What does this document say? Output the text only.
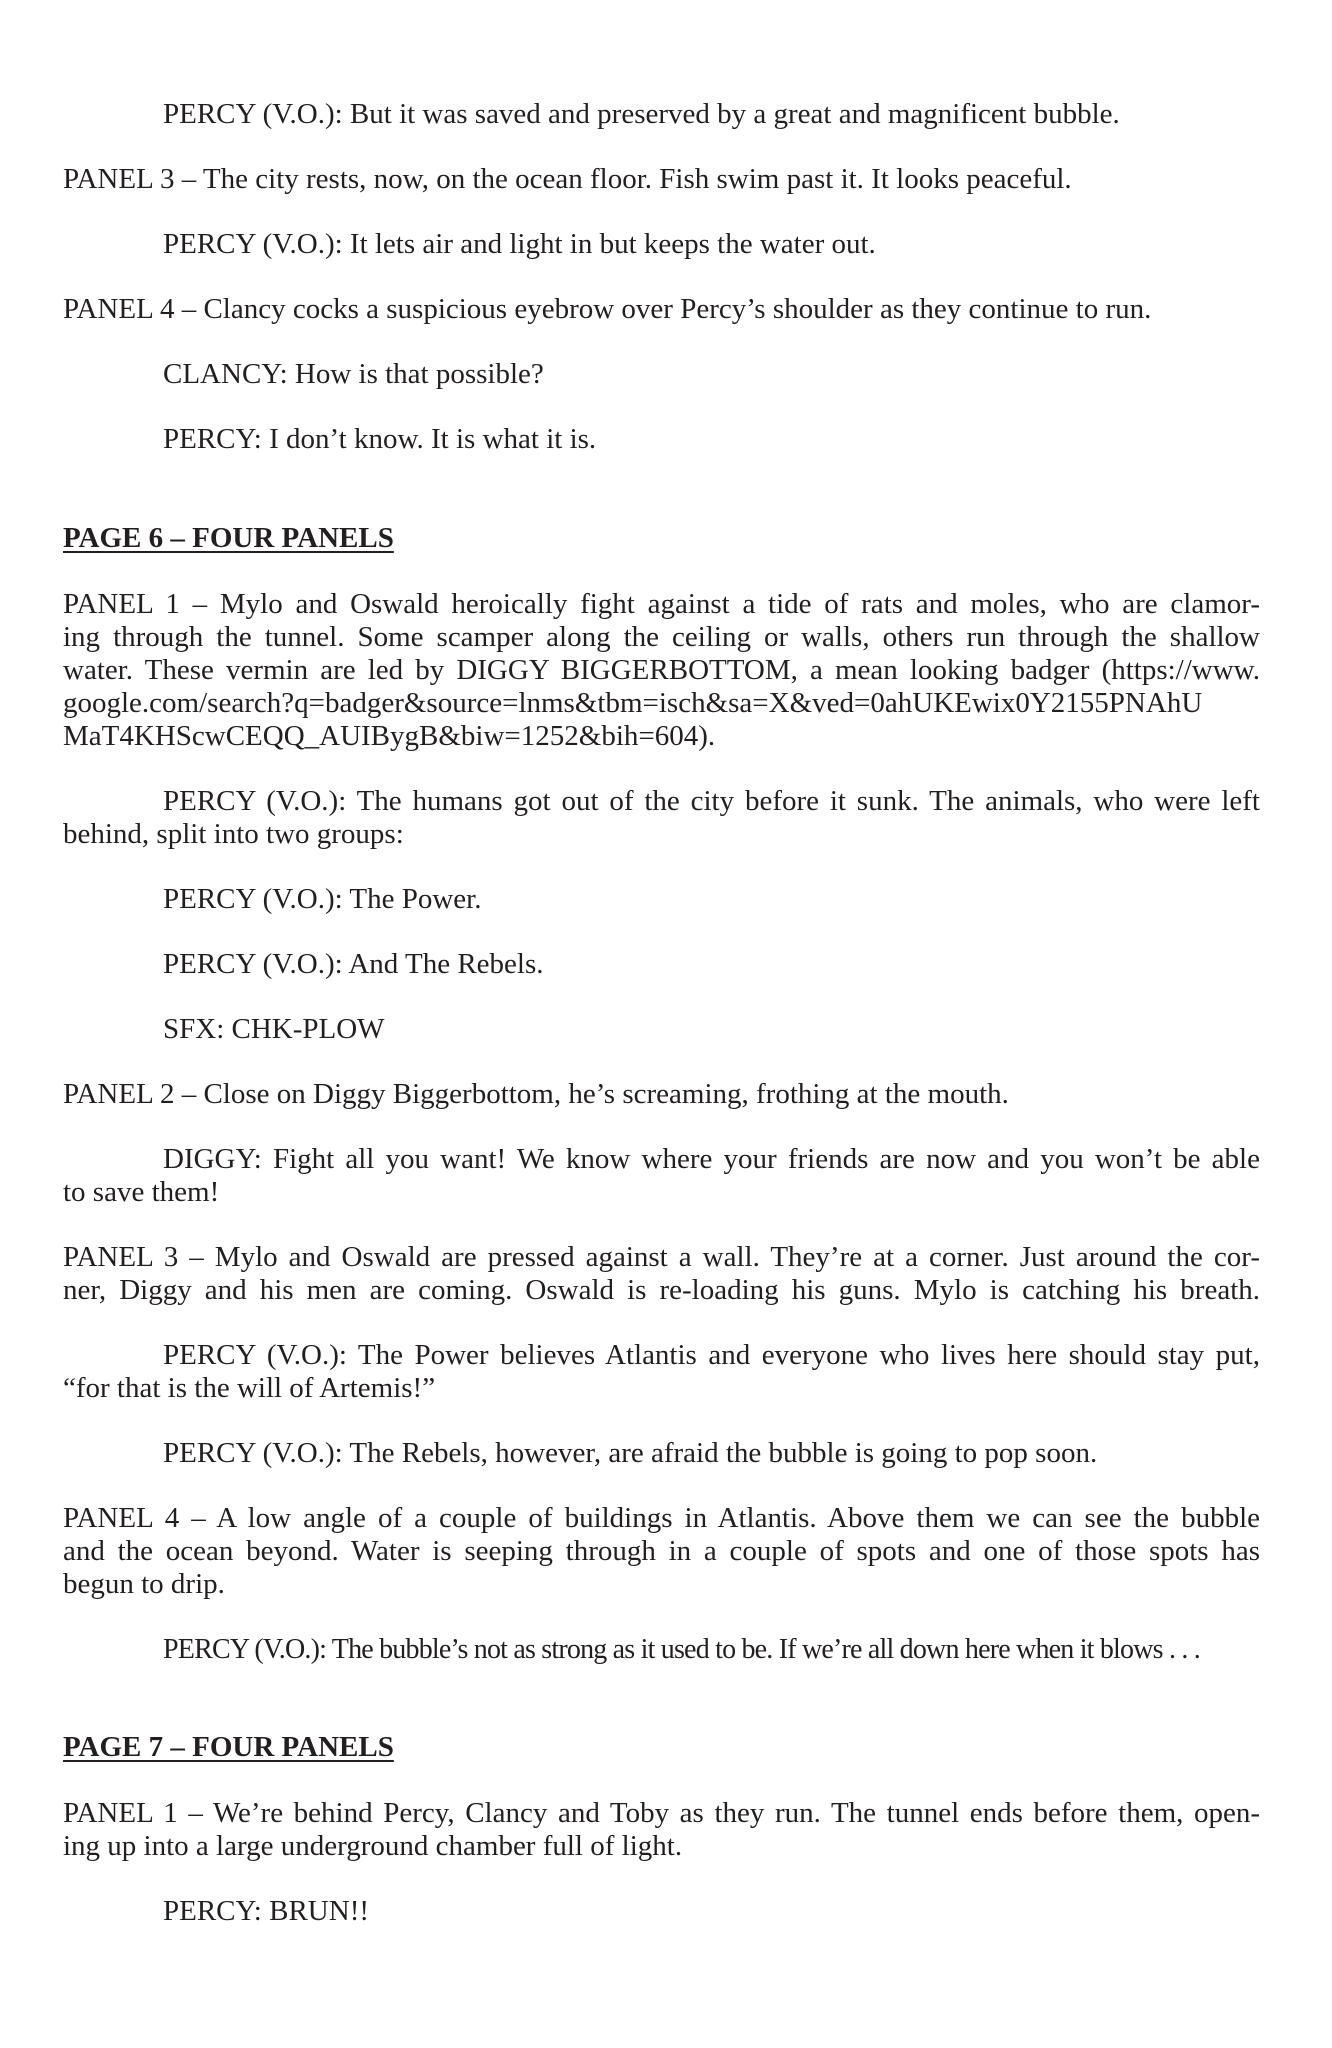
PERCY (V.O.): But it was saved and preserved by a great and magnificent bubble.
PANEL 3 – The city rests, now, on the ocean floor. Fish swim past it. It looks peaceful.
PERCY (V.O.): It lets air and light in but keeps the water out.
PANEL 4 – Clancy cocks a suspicious eyebrow over Percy’s shoulder as they continue to run.
CLANCY: How is that possible?
PERCY: I don’t know. It is what it is.
PAGE 6 – FOUR PANELS
PANEL 1 – Mylo and Oswald heroically fight against a tide of rats and moles, who are clamor-
ing through the tunnel. Some scamper along the ceiling or walls, others run through the shallow
water. These vermin are led by DIGGY BIGGERBOTTOM, a mean looking badger (https://www.
google.com/search?q=badger&source=lnms&tbm=isch&sa=X&ved=0ahUKEwix0Y2155PNAhU
MaT4KHScwCEQQ_AUIBygB&biw=1252&bih=604).
PERCY (V.O.): The humans got out of the city before it sunk. The animals, who were left
behind, split into two groups:
PERCY (V.O.): The Power.
PERCY (V.O.): And The Rebels.
SFX: CHK-PLOW
PANEL 2 – Close on Diggy Biggerbottom, he’s screaming, frothing at the mouth.
DIGGY: Fight all you want! We know where your friends are now and you won’t be able
to save them!
PANEL 3 – Mylo and Oswald are pressed against a wall. They’re at a corner. Just around the cor-
ner, Diggy and his men are coming. Oswald is re-loading his guns. Mylo is catching his breath.
PERCY (V.O.): The Power believes Atlantis and everyone who lives here should stay put,
“for that is the will of Artemis!”
PERCY (V.O.): The Rebels, however, are afraid the bubble is going to pop soon.
PANEL 4 – A low angle of a couple of buildings in Atlantis. Above them we can see the bubble
and the ocean beyond. Water is seeping through in a couple of spots and one of those spots has
begun to drip.
PERCY (V.O.): The bubble’s not as strong as it used to be. If we’re all down here when it blows . . .
PAGE 7 – FOUR PANELS
PANEL 1 – We’re behind Percy, Clancy and Toby as they run. The tunnel ends before them, open-
ing up into a large underground chamber full of light.
PERCY: BRUN!!
